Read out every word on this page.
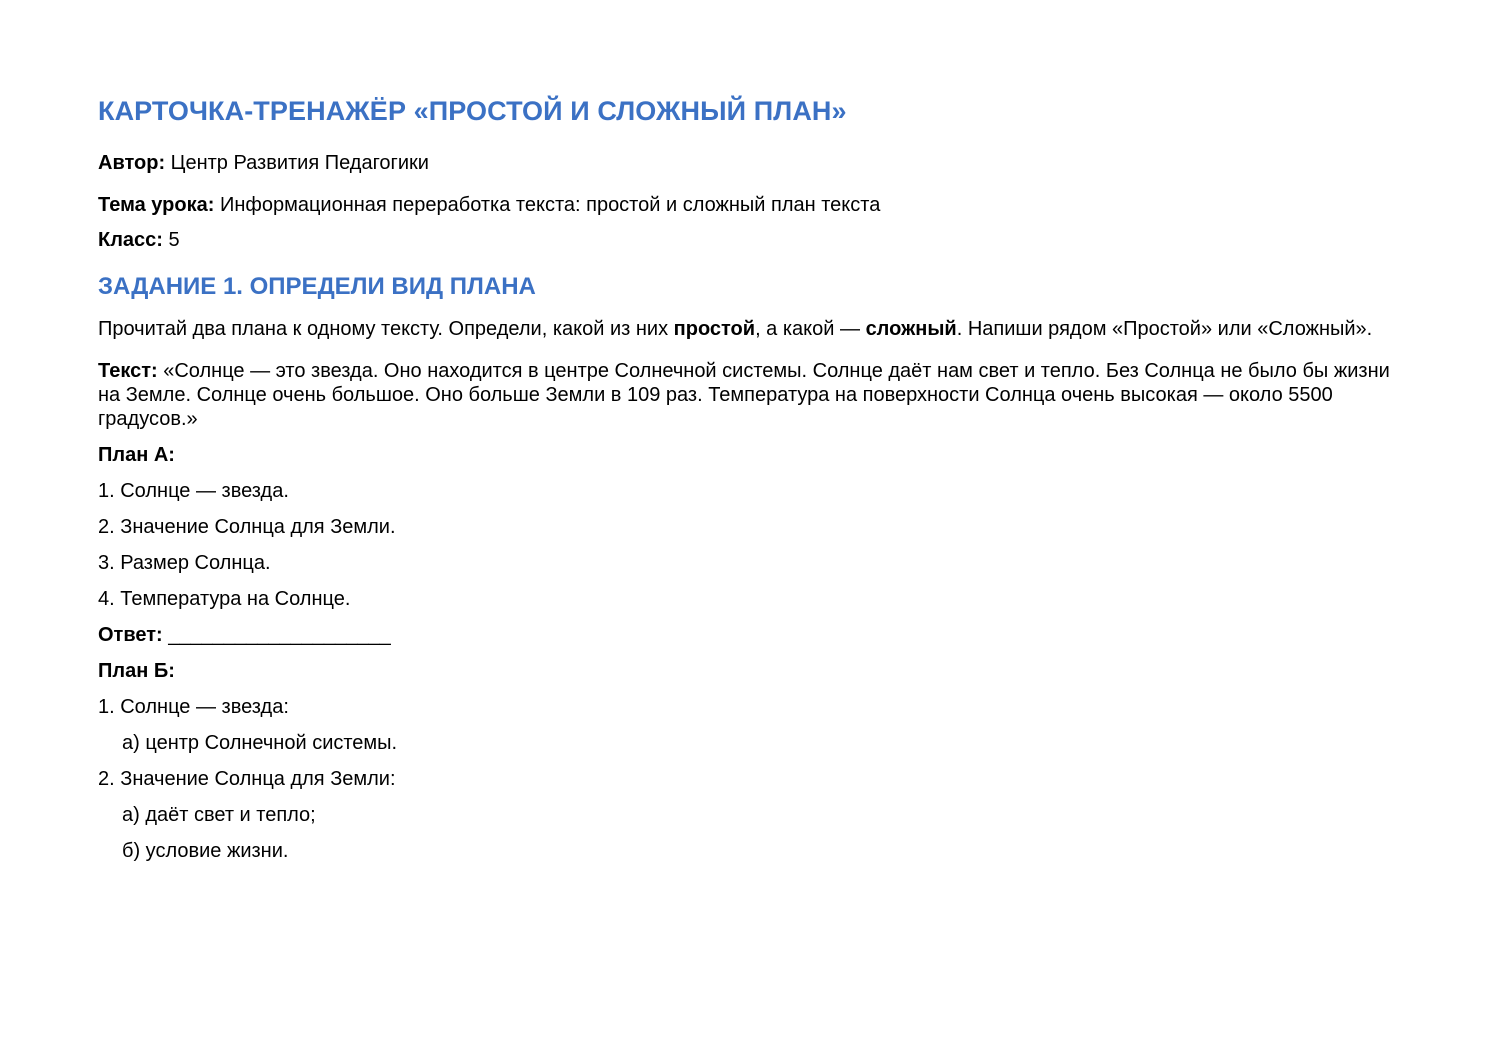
КАРТОЧКА-ТРЕНАЖЁР «ПРОСТОЙ И СЛОЖНЫЙ ПЛАН»

Автор: Центр Развития Педагогики

Тема урока: Информационная переработка текста: простой и сложный план текста

Класс: 5

ЗАДАНИЕ 1. ОПРЕДЕЛИ ВИД ПЛАНА

Прочитай два плана к одному тексту. Определи, какой из них простой, а какой — сложный. Напиши рядом «Простой» или «Сложный».

Текст: «Солнце — это звезда. Оно находится в центре Солнечной системы. Солнце даёт нам свет и тепло. Без Солнца не было бы жизни на Земле. Солнце очень большое. Оно больше Земли в 109 раз. Температура на поверхности Солнца очень высокая — около 5500 градусов.»

План А:

1. Солнце — звезда.

2. Значение Солнца для Земли.

3. Размер Солнца.

4. Температура на Солнце.

Ответ: ____________________

План Б:

1. Солнце — звезда:

а) центр Солнечной системы.

2. Значение Солнца для Земли:

а) даёт свет и тепло;

б) условие жизни.
